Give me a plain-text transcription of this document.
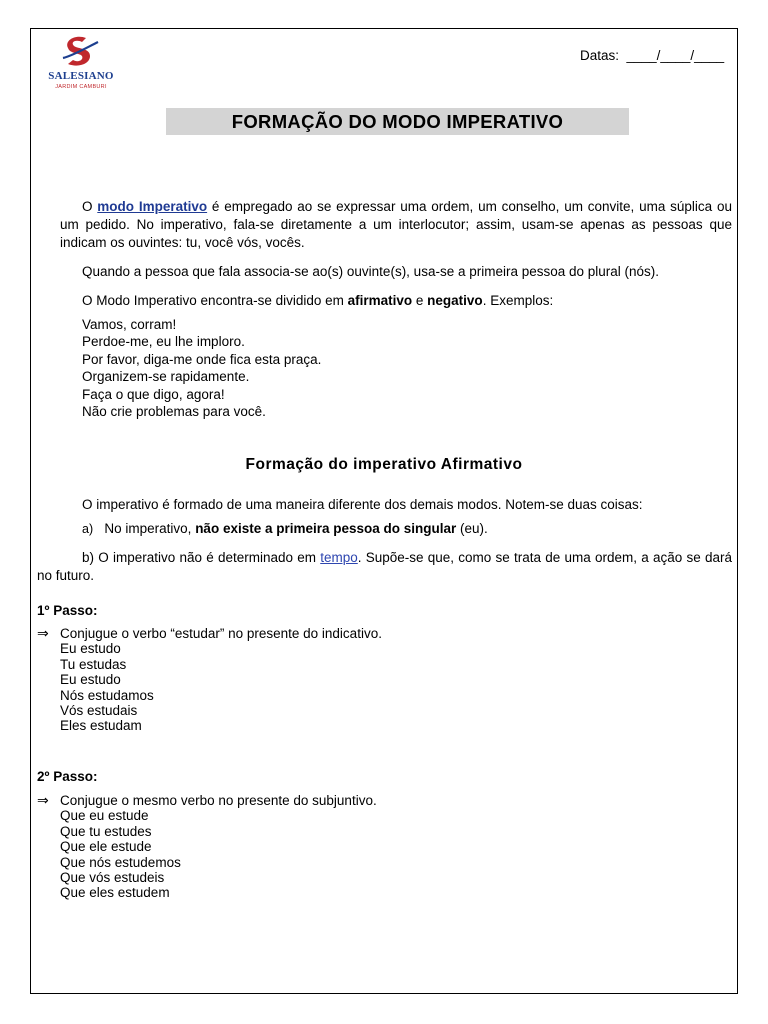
SALESIANO
JARDIM CAMBURI
Datas: ____/____/____
FORMAÇÃO DO MODO IMPERATIVO
O modo Imperativo é empregado ao se expressar uma ordem, um conselho, um convite, uma súplica ou um pedido. No imperativo, fala-se diretamente a um interlocutor; assim, usam-se apenas as pessoas que indicam os ouvintes: tu, você vós, vocês.
Quando a pessoa que fala associa-se ao(s) ouvinte(s), usa-se a primeira pessoa do plural (nós).
O Modo Imperativo encontra-se dividido em afirmativo e negativo. Exemplos:
Vamos, corram!
Perdoe-me, eu lhe imploro.
Por favor, diga-me onde fica esta praça.
Organizem-se rapidamente.
Faça o que digo, agora!
Não crie problemas para você.
Formação do imperativo Afirmativo
O imperativo é formado de uma maneira diferente dos demais modos. Notem-se duas coisas:
a) No imperativo, não existe a primeira pessoa do singular (eu).
b) O imperativo não é determinado em tempo. Supõe-se que, como se trata de uma ordem, a ação se dará no futuro.
1º Passo:
⇒ Conjugue o verbo “estudar” no presente do indicativo.
Eu estudo
Tu estudas
Eu estudo
Nós estudamos
Vós estudais
Eles estudam
2º Passo:
⇒ Conjugue o mesmo verbo no presente do subjuntivo.
Que eu estude
Que tu estudes
Que ele estude
Que nós estudemos
Que vós estudeis
Que eles estudem
